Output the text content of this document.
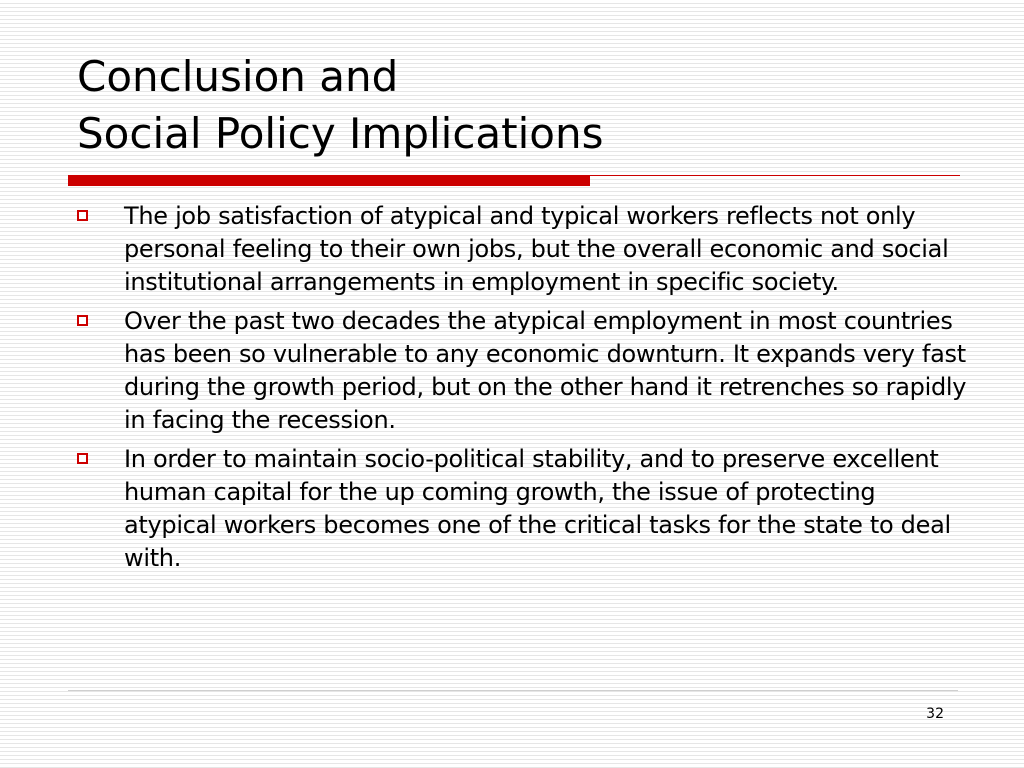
Conclusion and
Social Policy Implications
The job satisfaction of atypical and typical workers reflects not only personal feeling to their own jobs, but the overall economic and social institutional arrangements in employment in specific society.
Over the past two decades the atypical employment in most countries has been so vulnerable to any economic downturn. It expands very fast during the growth period, but on the other hand it retrenches so rapidly in facing the recession.
In order to maintain socio-political stability, and to preserve excellent human capital for the up coming growth, the issue of protecting atypical workers becomes one of the critical tasks for the state to deal with.
32
